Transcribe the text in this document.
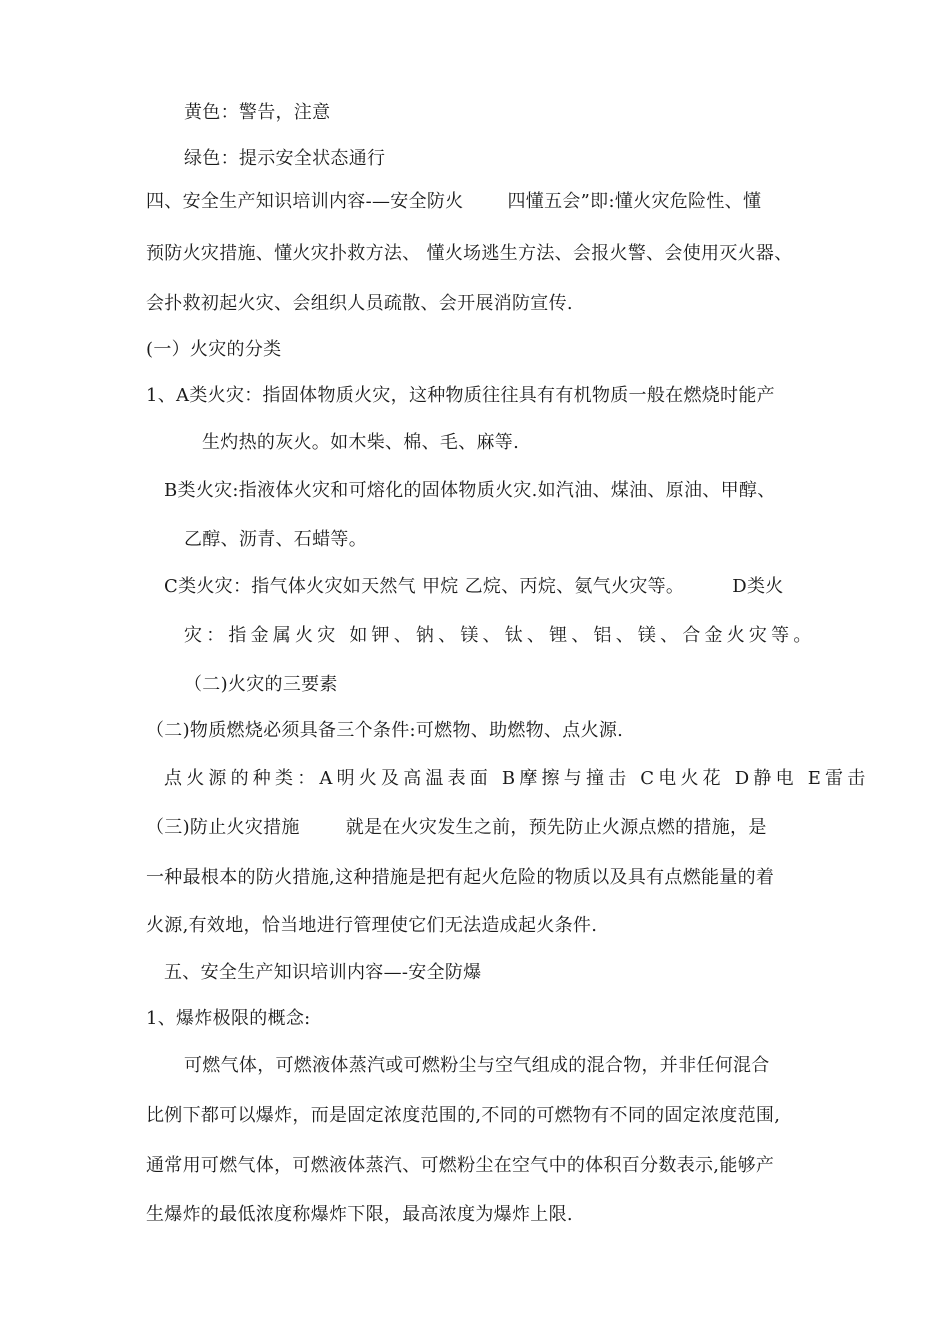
黄色：警告，注意
绿色：提示安全状态通行
四、安全生产知识培训内容-—安全防火 四懂五会”即:懂火灾危险性、懂
预防火灾措施、懂火灾扑救方法、 懂火场逃生方法、会报火警、会使用灭火器、
会扑救初起火灾、会组织人员疏散、会开展消防宣传.
(一）火灾的分类
1、A类火灾：指固体物质火灾，这种物质往往具有有机物质一般在燃烧时能产
生灼热的灰火。如木柴、棉、毛、麻等.
B类火灾:指液体火灾和可熔化的固体物质火灾.如汽油、煤油、原油、甲醇、
乙醇、沥青、石蜡等。
C类火灾：指气体火灾如天然气 甲烷 乙烷、丙烷、氨气火灾等。	D类火
灾：指金属火灾 如钾、钠、镁、钛、锂、铝、镁、合金火灾等。
（二)火灾的三要素
（二)物质燃烧必须具备三个条件:可燃物、助燃物、点火源.
点火源的种类：A明火及高温表面 B摩擦与撞击 C电火花 D静电 E雷击
（三)防止火灾措施	就是在火灾发生之前，预先防止火源点燃的措施，是
一种最根本的防火措施,这种措施是把有起火危险的物质以及具有点燃能量的着
火源,有效地，恰当地进行管理使它们无法造成起火条件.
五、安全生产知识培训内容—-安全防爆
1、爆炸极限的概念:
可燃气体，可燃液体蒸汽或可燃粉尘与空气组成的混合物，并非任何混合
比例下都可以爆炸，而是固定浓度范围的,不同的可燃物有不同的固定浓度范围,
通常用可燃气体，可燃液体蒸汽、可燃粉尘在空气中的体积百分数表示,能够产
生爆炸的最低浓度称爆炸下限，最高浓度为爆炸上限.
